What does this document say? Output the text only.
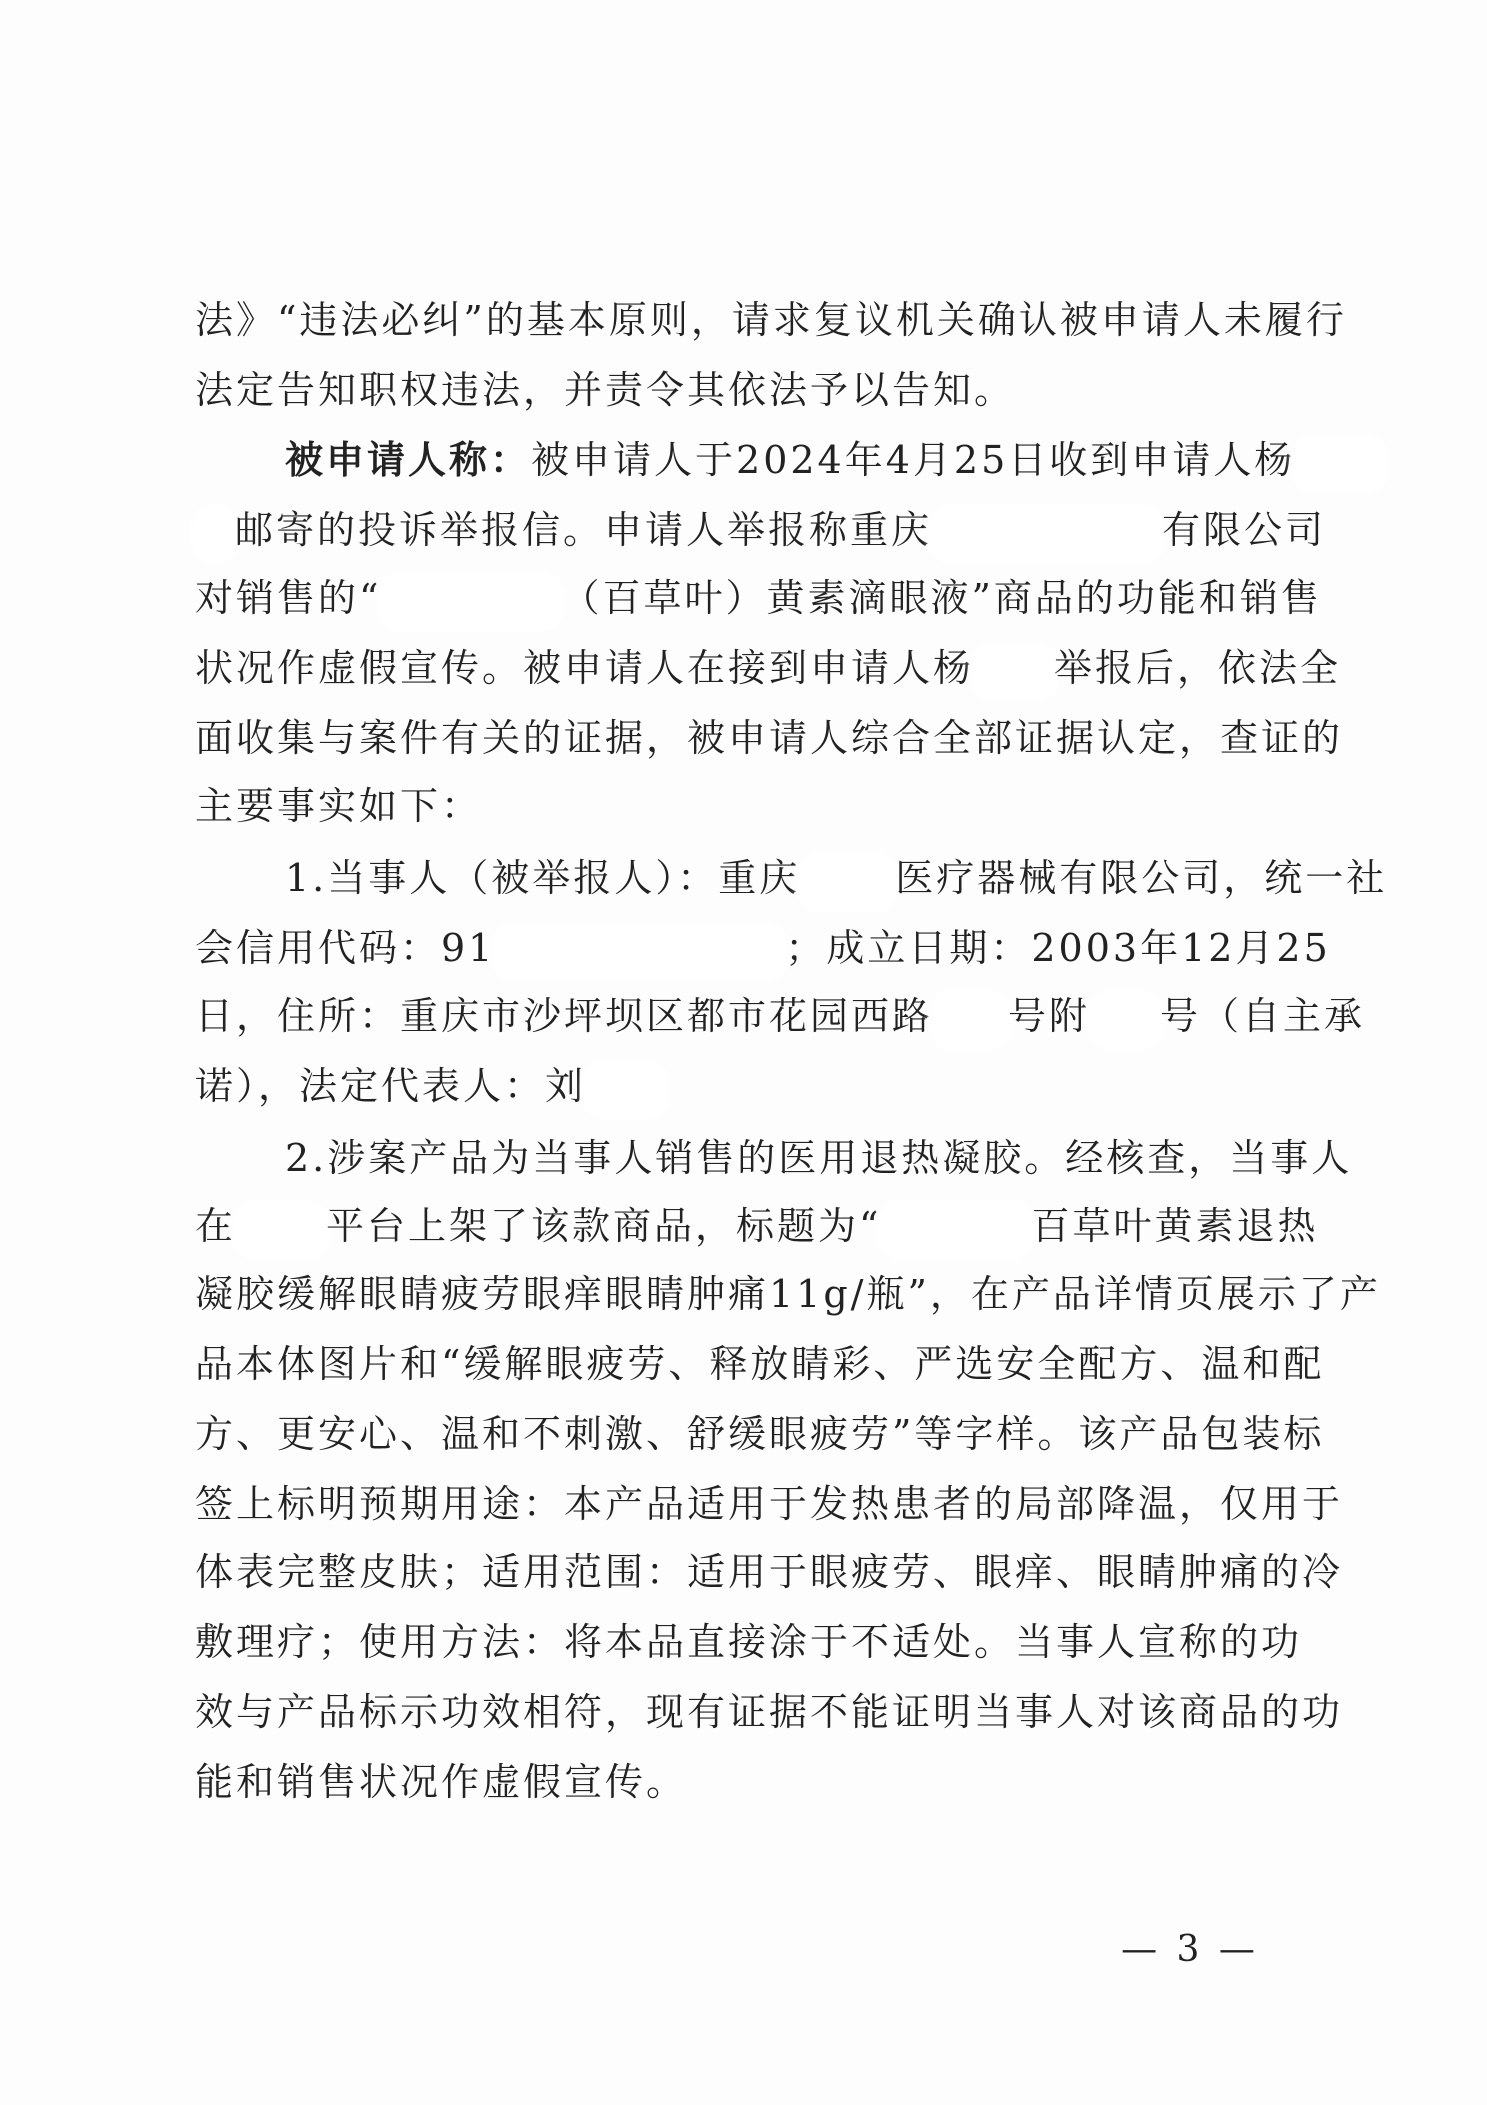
法》“违法必纠”的基本原则，请求复议机关确认被申请人未履行
法定告知职权违法，并责令其依法予以告知。
被申请人称：被申请人于2024年4月25日收到申请人杨
邮寄的投诉举报信。申请人举报称重庆	有限公司
对销售的“	（百草叶）黄素滴眼液”商品的功能和销售
状况作虚假宣传。被申请人在接到申请人杨 举报后，依法全
面收集与案件有关的证据，被申请人综合全部证据认定，查证的
主要事实如下：
1.当事人（被举报人）：重庆	医疗器械有限公司，统一社
会信用代码：91	；成立日期：2003年12月25
日，住所：重庆市沙坪坝区都市花园西路 号附 号（自主承
诺），法定代表人：刘
2.涉案产品为当事人销售的医用退热凝胶。经核查，当事人
在 平台上架了该款商品，标题为“	百草叶黄素退热
凝胶缓解眼睛疲劳眼痒眼睛肿痛11g/瓶”，在产品详情页展示了产
品本体图片和“缓解眼疲劳、释放睛彩、严选安全配方、温和配
方、更安心、温和不刺激、舒缓眼疲劳”等字样。该产品包装标
签上标明预期用途：本产品适用于发热患者的局部降温，仅用于
体表完整皮肤；适用范围：适用于眼疲劳、眼痒、眼睛肿痛的冷
敷理疗；使用方法：将本品直接涂于不适处。当事人宣称的功
效与产品标示功效相符，现有证据不能证明当事人对该商品的功
能和销售状况作虚假宣传。
— 3 —
